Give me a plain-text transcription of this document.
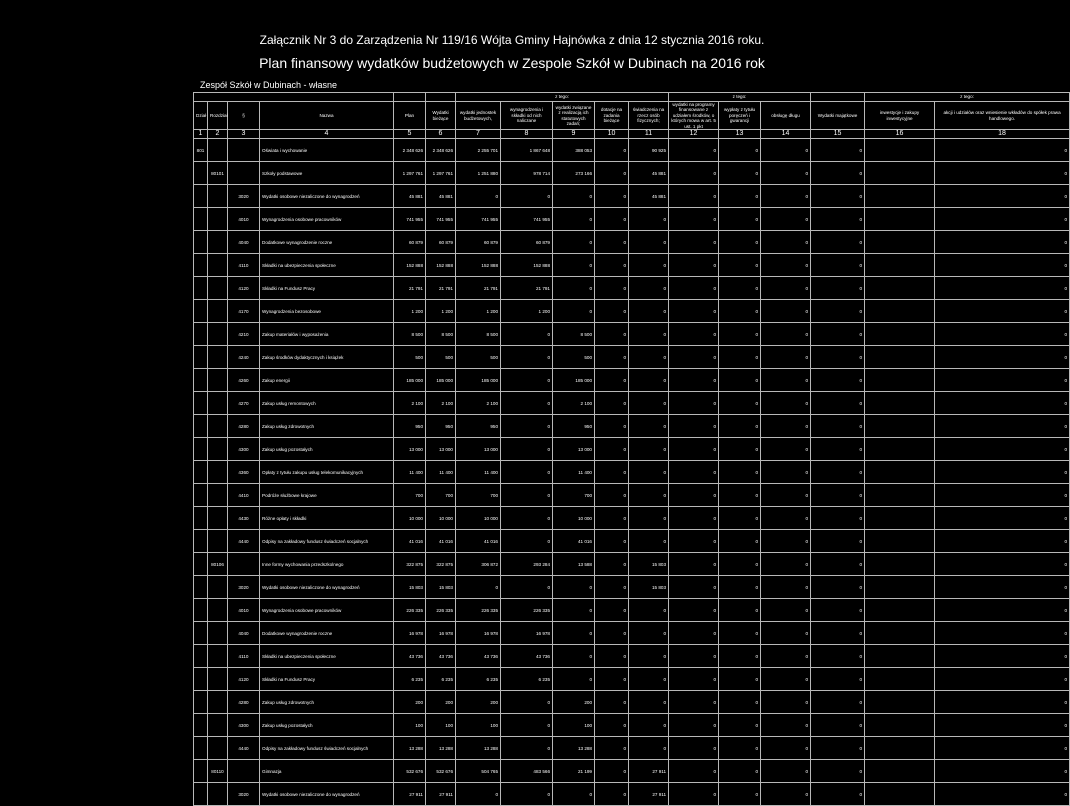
Załącznik Nr 3 do Zarządzenia Nr 119/16 Wójta Gminy Hajnówka z dnia 12 stycznia 2016 roku.
Plan finansowy wydatków budżetowych w Zespole Szkół w Dubinach na 2016 rok
Zespół Szkół w Dubinach - własne
						z tego:					z tego:				z tego:	
Dział	Rozdział	§	Nazwa	Plan	Wydatki bieżące	wydatki jednostek budżetowych,	wynagrodzenia i składki od nich naliczane	wydatki związane z realizacją ich statutowych zadań;	dotacje na zadania bieżące	świadczenia na rzecz osób fizycznych;	wydatki na programy finansowane z udziałem środków, o których mowa w art. 5 ust. 1 pkt	wypłaty z tytułu poręczeń i gwarancji	obsługę długu	Wydatki majątkowe	inwestycje i zakupy inwestycyjne	akcji i udziałów oraz wniesienie wkładów do spółek prawa handlowego.
1	2	3	4	5	6	7	8	9	10	11	12	13	14	15	16	18
801			Oświata i wychowanie	2 348 626	2 348 626	2 255 701	1 867 648	388 053	0	90 925	0	0	0	0		0
	80101		Szkoły podstawowe	1 297 761	1 297 761	1 251 880	978 714	273 166	0	45 881	0	0	0	0		0
		3020	Wydatki osobowe niezaliczone do wynagrodzeń	45 881	45 881	0	0	0	0	45 881	0	0	0	0		0
		4010	Wynagrodzenia osobowe pracowników	741 955	741 955	741 955	741 955	0	0	0	0	0	0	0		0
		4040	Dodatkowe wynagrodzenie roczne	60 879	60 879	60 879	60 879	0	0	0	0	0	0	0		0
		4110	Składki na ubezpieczenia społeczne	152 888	152 888	152 888	152 888	0	0	0	0	0	0	0		0
		4120	Składki na Fundusz Pracy	21 791	21 791	21 791	21 791	0	0	0	0	0	0	0		0
		4170	Wynagrodzenia bezosobowe	1 200	1 200	1 200	1 200	0	0	0	0	0	0	0		0
		4210	Zakup materiałów i wyposażenia	8 500	8 500	8 500	0	8 500	0	0	0	0	0	0		0
		4240	Zakup środków dydaktycznych i książek	500	500	500	0	500	0	0	0	0	0	0		0
		4260	Zakup energii	185 000	185 000	185 000	0	185 000	0	0	0	0	0	0		0
		4270	Zakup usług remontowych	2 100	2 100	2 100	0	2 100	0	0	0	0	0	0		0
		4280	Zakup usług zdrowotnych	950	950	950	0	950	0	0	0	0	0	0		0
		4300	Zakup usług pozostałych	13 000	13 000	13 000	0	13 000	0	0	0	0	0	0		0
		4360	Opłaty z tytułu zakupu usług telekomunikacyjnych	11 400	11 400	11 400	0	11 400	0	0	0	0	0	0		0
		4410	Podróże służbowe krajowe	700	700	700	0	700	0	0	0	0	0	0		0
		4430	Różne opłaty i składki	10 000	10 000	10 000	0	10 000	0	0	0	0	0	0		0
		4440	Odpisy na zakładowy fundusz świadczeń socjalnych	41 016	41 016	41 016	0	41 016	0	0	0	0	0	0		0
	80106		Inne formy wychowania przedszkolnego	322 875	322 875	306 872	293 284	13 588	0	15 803	0	0	0	0		0
		3020	Wydatki osobowe niezaliczone do wynagrodzeń	15 803	15 803	0	0	0	0	15 803	0	0	0	0		0
		4010	Wynagrodzenia osobowe pracowników	226 335	226 335	226 335	226 335	0	0	0	0	0	0	0		0
		4040	Dodatkowe wynagrodzenie roczne	16 978	16 978	16 978	16 978	0	0	0	0	0	0	0		0
		4110	Składki na ubezpieczenia społeczne	43 736	43 736	43 736	43 736	0	0	0	0	0	0	0		0
		4120	Składki na Fundusz Pracy	6 235	6 235	6 235	6 235	0	0	0	0	0	0	0		0
		4280	Zakup usług zdrowotnych	200	200	200	0	200	0	0	0	0	0	0		0
		4300	Zakup usług pozostałych	100	100	100	0	100	0	0	0	0	0	0		0
		4440	Odpisy na zakładowy fundusz świadczeń socjalnych	13 288	13 288	13 288	0	13 288	0	0	0	0	0	0		0
	80110		Gimnazja	532 676	532 676	504 765	483 566	21 199	0	27 911	0	0	0	0		0
		3020	Wydatki osobowe niezaliczone do wynagrodzeń	27 911	27 911	0	0	0	0	27 911	0	0	0	0		0
